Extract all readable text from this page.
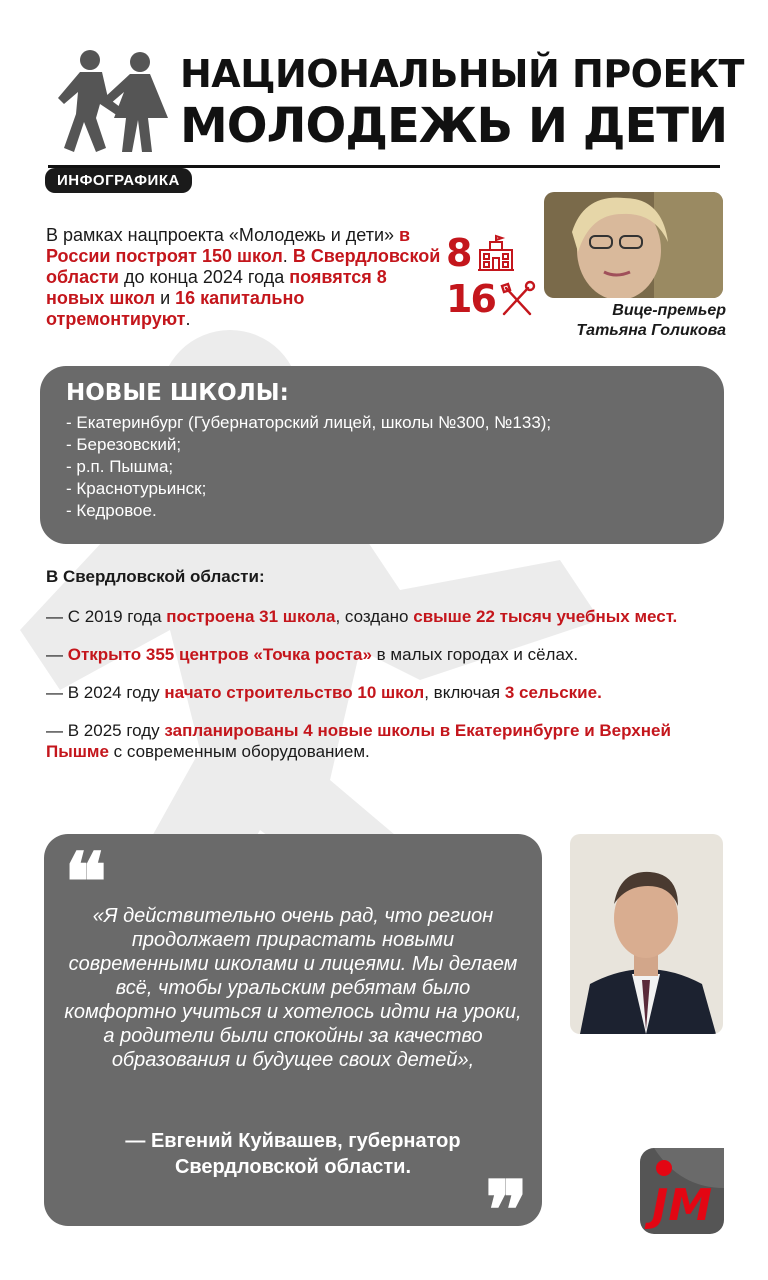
НАЦИОНАЛЬНЫЙ ПРОЕКТ
МОЛОДЕЖЬ И ДЕТИ
ИНФОГРАФИКА
В рамках нацпроекта «Молодежь и дети» в России построят 150 школ. В Свердловской области до конца 2024 года появятся 8 новых школ и 16 капитально отремонтируют.
8
16	Вице-премьер
Татьяна Голикова
НОВЫЕ ШКОЛЫ:
- Екатеринбург (Губернаторский лицей, школы №300, №133);
- Березовский;
- р.п. Пышма;
- Краснотурьинск;
- Кедровое.
В Свердловской области:

— С 2019 года построена 31 школа, создано свыше 22 тысяч учебных мест.

— Открыто 355 центров «Точка роста» в малых городах и сёлах.

— В 2024 году начато строительство 10 школ, включая 3 сельские.

— В 2025 году запланированы 4 новые школы в Екатеринбурге и Верхней Пышме с современным оборудованием.

❝
«Я действительно очень рад, что регион продолжает прирастать новыми современными школами и лицеями. Мы делаем всё, чтобы уральским ребятам было комфортно учиться и хотелось идти на уроки, а родители были спокойны за качество образования и будущее своих детей»,
— Евгений Куйвашев, губернатор
Свердловской области. ❞	JM
